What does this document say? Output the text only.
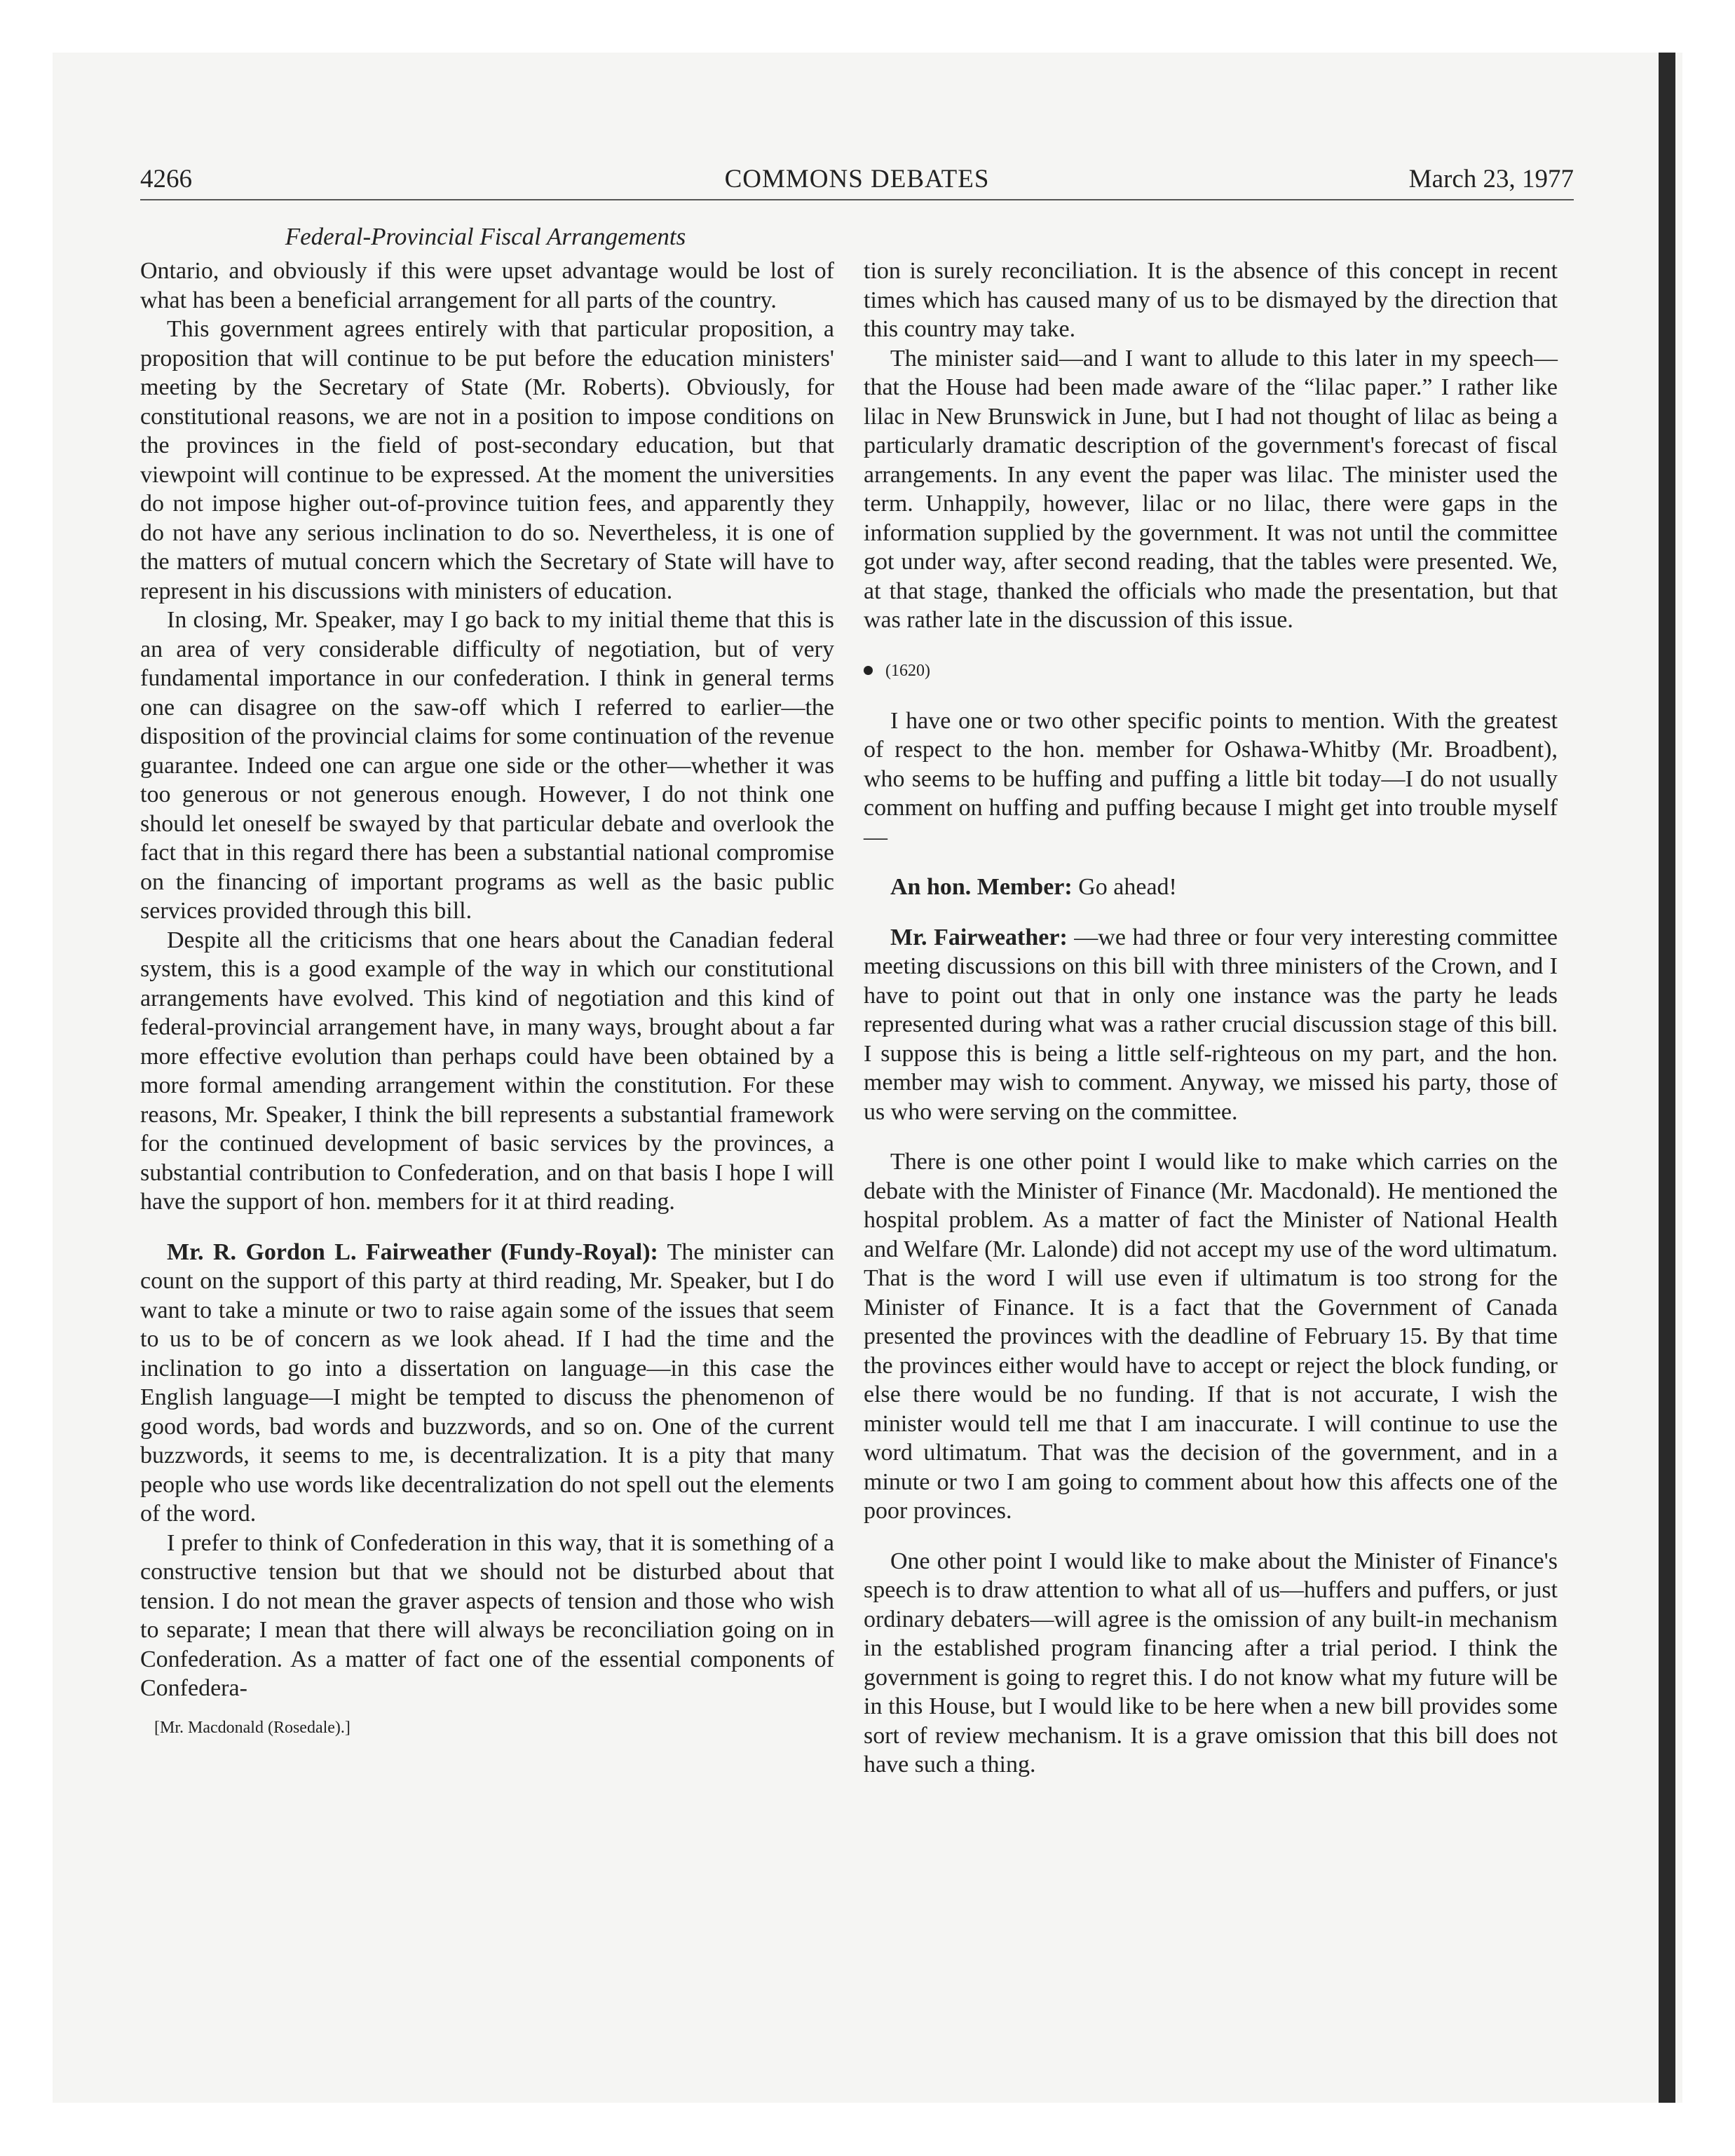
4266	COMMONS DEBATES	March 23, 1977
Federal-Provincial Fiscal Arrangements

Ontario, and obviously if this were upset advantage would be lost of what has been a beneficial arrangement for all parts of the country.

This government agrees entirely with that particular proposition, a proposition that will continue to be put before the education ministers' meeting by the Secretary of State (Mr. Roberts). Obviously, for constitutional reasons, we are not in a position to impose conditions on the provinces in the field of post-secondary education, but that viewpoint will continue to be expressed. At the moment the universities do not impose higher out-of-province tuition fees, and apparently they do not have any serious inclination to do so. Nevertheless, it is one of the matters of mutual concern which the Secretary of State will have to represent in his discussions with ministers of education.

In closing, Mr. Speaker, may I go back to my initial theme that this is an area of very considerable difficulty of negotiation, but of very fundamental importance in our confederation. I think in general terms one can disagree on the saw-off which I referred to earlier—the disposition of the provincial claims for some continuation of the revenue guarantee. Indeed one can argue one side or the other—whether it was too generous or not generous enough. However, I do not think one should let oneself be swayed by that particular debate and overlook the fact that in this regard there has been a substantial national compromise on the financing of important programs as well as the basic public services provided through this bill.

Despite all the criticisms that one hears about the Canadian federal system, this is a good example of the way in which our constitutional arrangements have evolved. This kind of negotiation and this kind of federal-provincial arrangement have, in many ways, brought about a far more effective evolution than perhaps could have been obtained by a more formal amending arrangement within the constitution. For these reasons, Mr. Speaker, I think the bill represents a substantial framework for the continued development of basic services by the provinces, a substantial contribution to Confederation, and on that basis I hope I will have the support of hon. members for it at third reading.

Mr. R. Gordon L. Fairweather (Fundy-Royal): The minister can count on the support of this party at third reading, Mr. Speaker, but I do want to take a minute or two to raise again some of the issues that seem to us to be of concern as we look ahead. If I had the time and the inclination to go into a dissertation on language—in this case the English language—I might be tempted to discuss the phenomenon of good words, bad words and buzzwords, and so on. One of the current buzzwords, it seems to me, is decentralization. It is a pity that many people who use words like decentralization do not spell out the elements of the word.

I prefer to think of Confederation in this way, that it is something of a constructive tension but that we should not be disturbed about that tension. I do not mean the graver aspects of tension and those who wish to separate; I mean that there will always be reconciliation going on in Confederation. As a matter of fact one of the essential components of Confedera-

[Mr. Macdonald (Rosedale).]

tion is surely reconciliation. It is the absence of this concept in recent times which has caused many of us to be dismayed by the direction that this country may take.

The minister said—and I want to allude to this later in my speech—that the House had been made aware of the “lilac paper.” I rather like lilac in New Brunswick in June, but I had not thought of lilac as being a particularly dramatic description of the government's forecast of fiscal arrangements. In any event the paper was lilac. The minister used the term. Unhappily, however, lilac or no lilac, there were gaps in the information supplied by the government. It was not until the committee got under way, after second reading, that the tables were presented. We, at that stage, thanked the officials who made the presentation, but that was rather late in the discussion of this issue.

(1620)

I have one or two other specific points to mention. With the greatest of respect to the hon. member for Oshawa-Whitby (Mr. Broadbent), who seems to be huffing and puffing a little bit today—I do not usually comment on huffing and puffing because I might get into trouble myself—

An hon. Member: Go ahead!

Mr. Fairweather: —we had three or four very interesting committee meeting discussions on this bill with three ministers of the Crown, and I have to point out that in only one instance was the party he leads represented during what was a rather crucial discussion stage of this bill. I suppose this is being a little self-righteous on my part, and the hon. member may wish to comment. Anyway, we missed his party, those of us who were serving on the committee.

There is one other point I would like to make which carries on the debate with the Minister of Finance (Mr. Macdonald). He mentioned the hospital problem. As a matter of fact the Minister of National Health and Welfare (Mr. Lalonde) did not accept my use of the word ultimatum. That is the word I will use even if ultimatum is too strong for the Minister of Finance. It is a fact that the Government of Canada presented the provinces with the deadline of February 15. By that time the provinces either would have to accept or reject the block funding, or else there would be no funding. If that is not accurate, I wish the minister would tell me that I am inaccurate. I will continue to use the word ultimatum. That was the decision of the government, and in a minute or two I am going to comment about how this affects one of the poor provinces.

One other point I would like to make about the Minister of Finance's speech is to draw attention to what all of us—huffers and puffers, or just ordinary debaters—will agree is the omission of any built-in mechanism in the established program financing after a trial period. I think the government is going to regret this. I do not know what my future will be in this House, but I would like to be here when a new bill provides some sort of review mechanism. It is a grave omission that this bill does not have such a thing.
